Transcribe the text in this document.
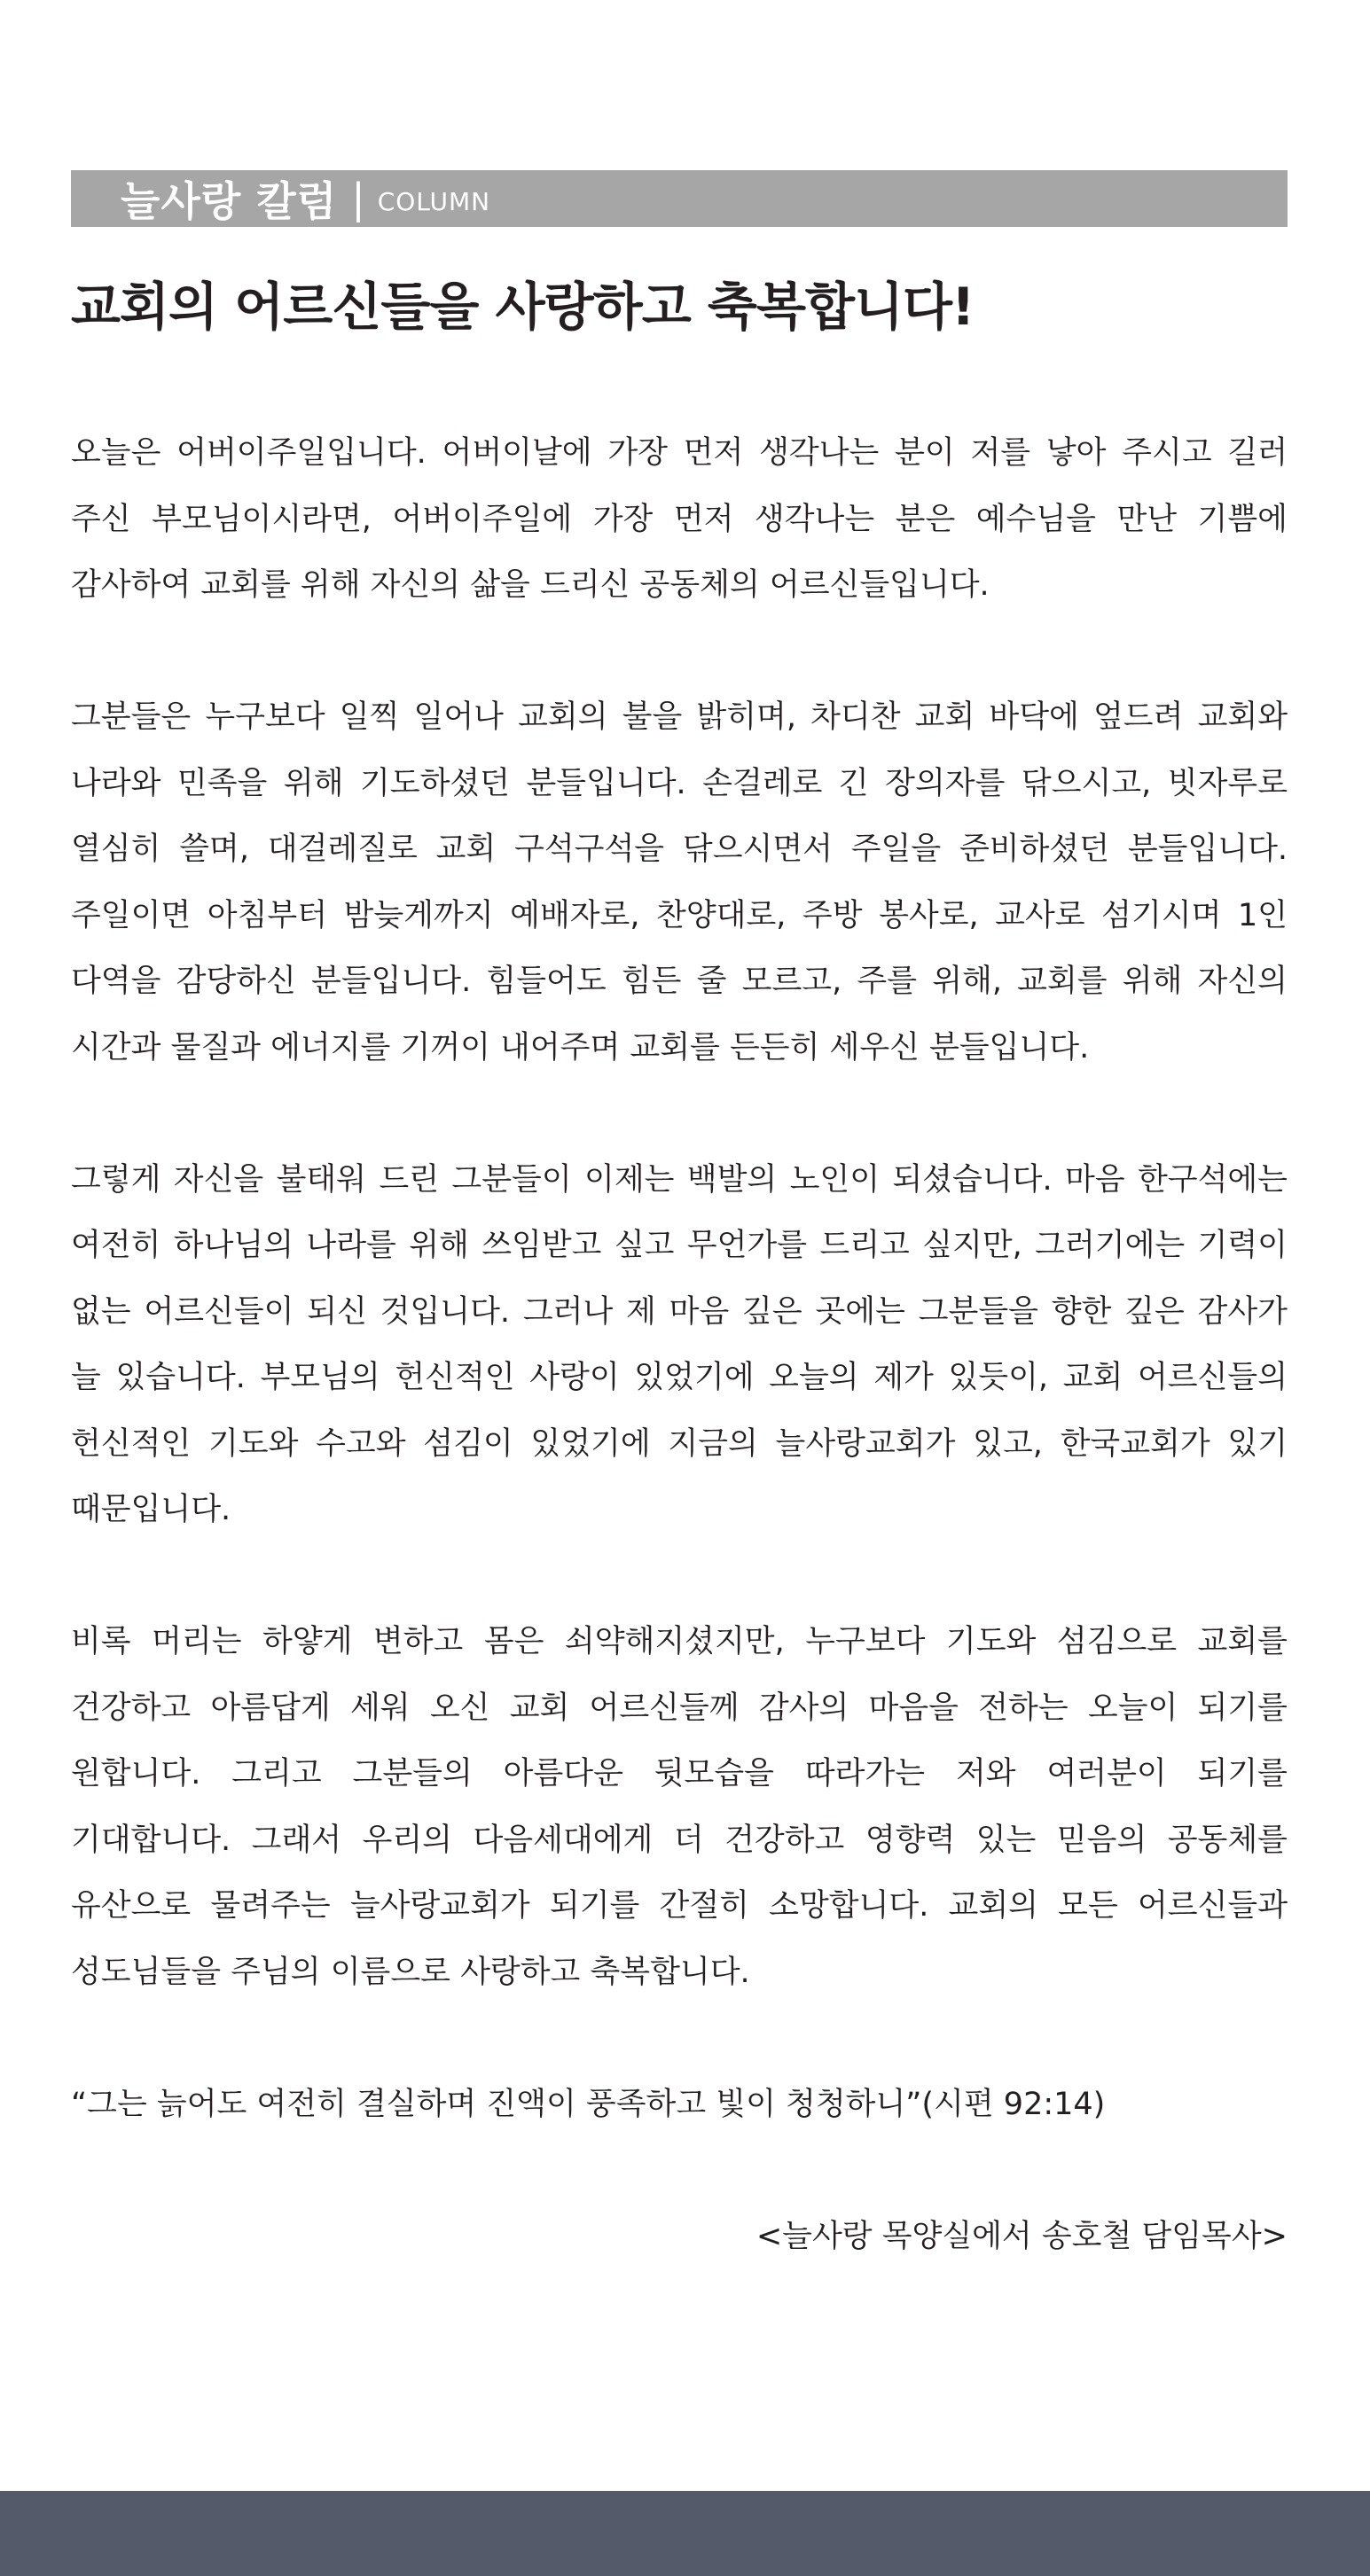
늘사랑 칼럼 | COLUMN
교회의 어르신들을 사랑하고 축복합니다!

오늘은 어버이주일입니다. 어버이날에 가장 먼저 생각나는 분이 저를 낳아 주시고 길러 주신 부모님이시라면, 어버이주일에 가장 먼저 생각나는 분은 예수님을 만난 기쁨에 감사하여 교회를 위해 자신의 삶을 드리신 공동체의 어르신들입니다.

그분들은 누구보다 일찍 일어나 교회의 불을 밝히며, 차디찬 교회 바닥에 엎드려 교회와 나라와 민족을 위해 기도하셨던 분들입니다. 손걸레로 긴 장의자를 닦으시고, 빗자루로 열심히 쓸며, 대걸레질로 교회 구석구석을 닦으시면서 주일을 준비하셨던 분들입니다. 주일이면 아침부터 밤늦게까지 예배자로, 찬양대로, 주방 봉사로, 교사로 섬기시며 1인 다역을 감당하신 분들입니다. 힘들어도 힘든 줄 모르고, 주를 위해, 교회를 위해 자신의 시간과 물질과 에너지를 기꺼이 내어주며 교회를 든든히 세우신 분들입니다.

그렇게 자신을 불태워 드린 그분들이 이제는 백발의 노인이 되셨습니다. 마음 한구석에는 여전히 하나님의 나라를 위해 쓰임받고 싶고 무언가를 드리고 싶지만, 그러기에는 기력이 없는 어르신들이 되신 것입니다. 그러나 제 마음 깊은 곳에는 그분들을 향한 깊은 감사가 늘 있습니다. 부모님의 헌신적인 사랑이 있었기에 오늘의 제가 있듯이, 교회 어르신들의 헌신적인 기도와 수고와 섬김이 있었기에 지금의 늘사랑교회가 있고, 한국교회가 있기 때문입니다.

비록 머리는 하얗게 변하고 몸은 쇠약해지셨지만, 누구보다 기도와 섬김으로 교회를 건강하고 아름답게 세워 오신 교회 어르신들께 감사의 마음을 전하는 오늘이 되기를 원합니다. 그리고 그분들의 아름다운 뒷모습을 따라가는 저와 여러분이 되기를 기대합니다. 그래서 우리의 다음세대에게 더 건강하고 영향력 있는 믿음의 공동체를 유산으로 물려주는 늘사랑교회가 되기를 간절히 소망합니다. 교회의 모든 어르신들과 성도님들을 주님의 이름으로 사랑하고 축복합니다.

“그는 늙어도 여전히 결실하며 진액이 풍족하고 빛이 청청하니”(시편 92:14)

<늘사랑 목양실에서 송호철 담임목사>
